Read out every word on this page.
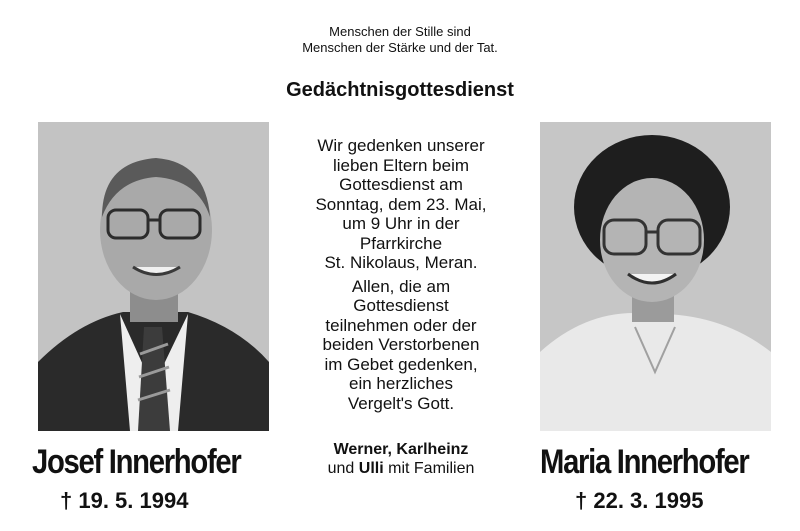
Menschen der Stille sind
Menschen der Stärke und der Tat.
Gedächtnisgottesdienst

Wir gedenken unserer
lieben Eltern beim
Gottesdienst am
Sonntag, dem 23. Mai,
um 9 Uhr in der
Pfarrkirche
St. Nikolaus, Meran.

Allen, die am
Gottesdienst
teilnehmen oder der
beiden Verstorbenen
im Gebet gedenken,
ein herzliches
Vergelt's Gott.

Werner, Karlheinz
und Ulli mit Familien
Josef Innerhofer
† 19. 5. 1994
Maria Innerhofer
† 22. 3. 1995
